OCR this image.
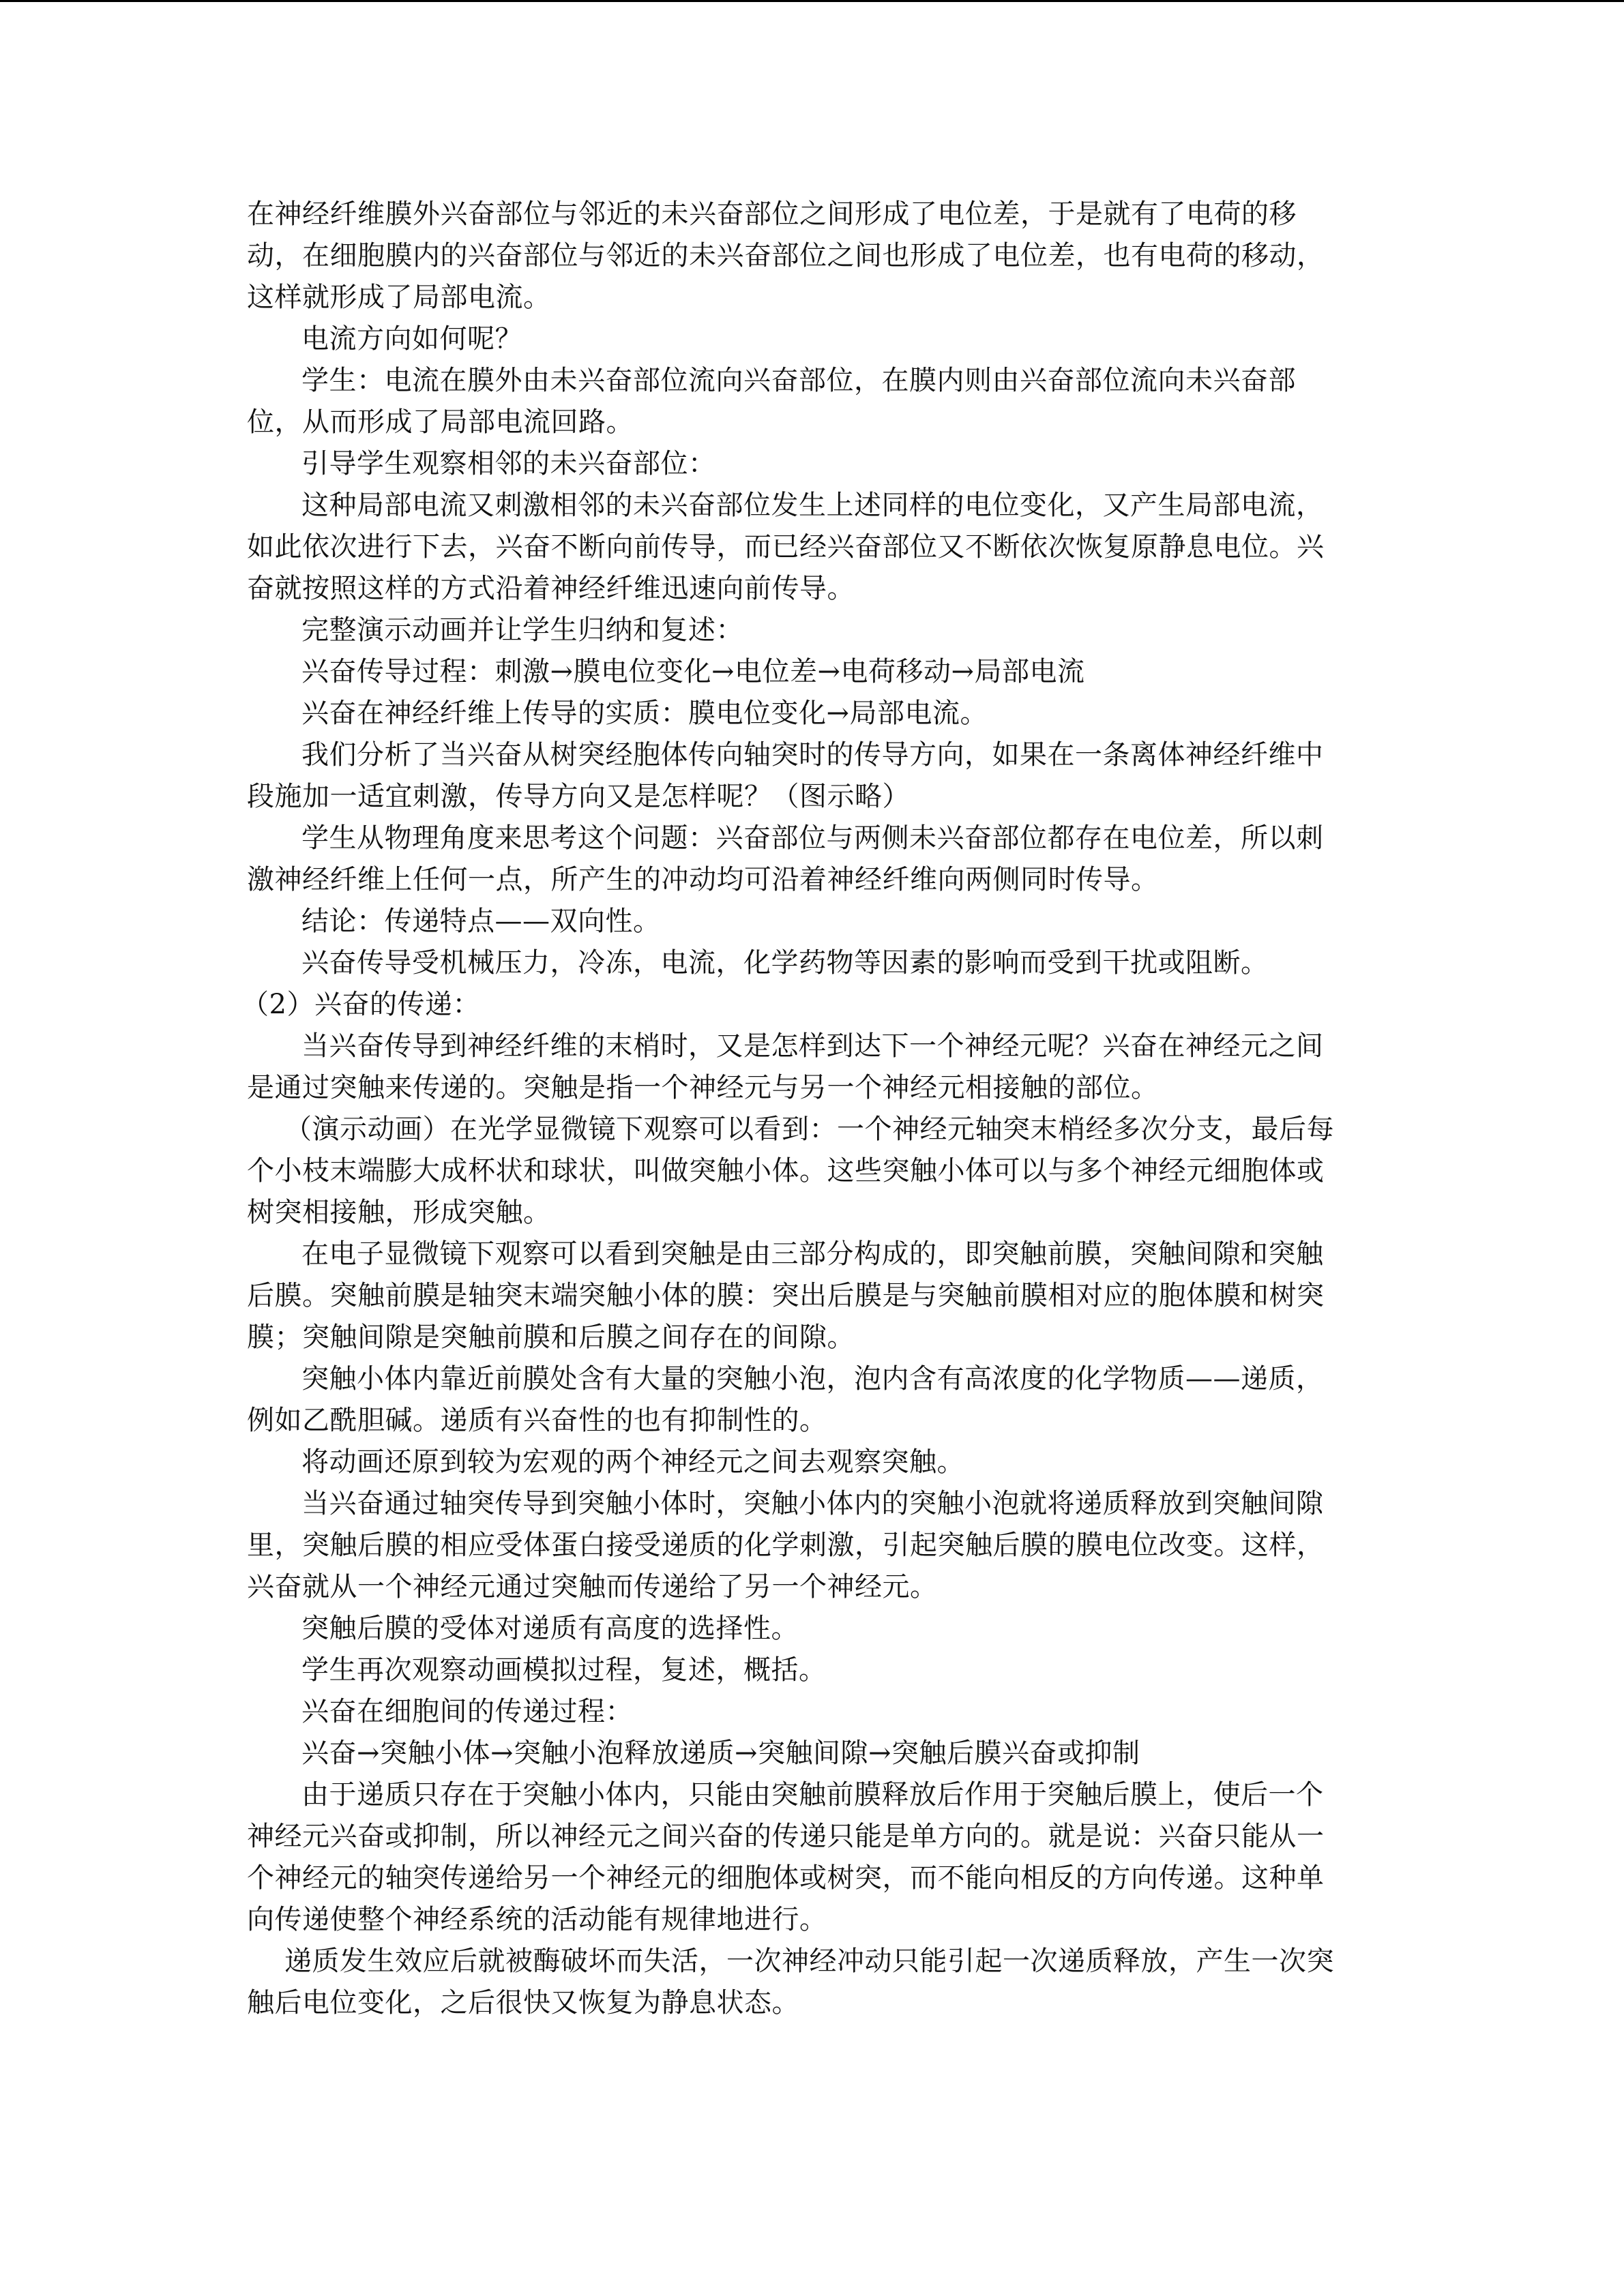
在神经纤维膜外兴奋部位与邻近的未兴奋部位之间形成了电位差，于是就有了电荷的移
动，在细胞膜内的兴奋部位与邻近的未兴奋部位之间也形成了电位差，也有电荷的移动，
这样就形成了局部电流。
电流方向如何呢？
学生：电流在膜外由未兴奋部位流向兴奋部位，在膜内则由兴奋部位流向未兴奋部
位，从而形成了局部电流回路。
引导学生观察相邻的未兴奋部位：
这种局部电流又刺激相邻的未兴奋部位发生上述同样的电位变化，又产生局部电流，
如此依次进行下去，兴奋不断向前传导，而已经兴奋部位又不断依次恢复原静息电位。兴
奋就按照这样的方式沿着神经纤维迅速向前传导。
完整演示动画并让学生归纳和复述：
兴奋传导过程：刺激→膜电位变化→电位差→电荷移动→局部电流
兴奋在神经纤维上传导的实质：膜电位变化→局部电流。
我们分析了当兴奋从树突经胞体传向轴突时的传导方向，如果在一条离体神经纤维中
段施加一适宜刺激，传导方向又是怎样呢？（图示略）
学生从物理角度来思考这个问题：兴奋部位与两侧未兴奋部位都存在电位差，所以刺
激神经纤维上任何一点，所产生的冲动均可沿着神经纤维向两侧同时传导。
结论：传递特点——双向性。
兴奋传导受机械压力，冷冻，电流，化学药物等因素的影响而受到干扰或阻断。
（2）兴奋的传递：
当兴奋传导到神经纤维的末梢时，又是怎样到达下一个神经元呢？兴奋在神经元之间
是通过突触来传递的。突触是指一个神经元与另一个神经元相接触的部位。
（演示动画）在光学显微镜下观察可以看到：一个神经元轴突末梢经多次分支，最后每
个小枝末端膨大成杯状和球状，叫做突触小体。这些突触小体可以与多个神经元细胞体或
树突相接触，形成突触。
在电子显微镜下观察可以看到突触是由三部分构成的，即突触前膜，突触间隙和突触
后膜。突触前膜是轴突末端突触小体的膜：突出后膜是与突触前膜相对应的胞体膜和树突
膜；突触间隙是突触前膜和后膜之间存在的间隙。
突触小体内靠近前膜处含有大量的突触小泡，泡内含有高浓度的化学物质——递质，
例如乙酰胆碱。递质有兴奋性的也有抑制性的。
将动画还原到较为宏观的两个神经元之间去观察突触。
当兴奋通过轴突传导到突触小体时，突触小体内的突触小泡就将递质释放到突触间隙
里，突触后膜的相应受体蛋白接受递质的化学刺激，引起突触后膜的膜电位改变。这样，
兴奋就从一个神经元通过突触而传递给了另一个神经元。
突触后膜的受体对递质有高度的选择性。
学生再次观察动画模拟过程，复述，概括。
兴奋在细胞间的传递过程：
兴奋→突触小体→突触小泡释放递质→突触间隙→突触后膜兴奋或抑制
由于递质只存在于突触小体内，只能由突触前膜释放后作用于突触后膜上，使后一个
神经元兴奋或抑制，所以神经元之间兴奋的传递只能是单方向的。就是说：兴奋只能从一
个神经元的轴突传递给另一个神经元的细胞体或树突，而不能向相反的方向传递。这种单
向传递使整个神经系统的活动能有规律地进行。
递质发生效应后就被酶破坏而失活，一次神经冲动只能引起一次递质释放，产生一次突
触后电位变化，之后很快又恢复为静息状态。
